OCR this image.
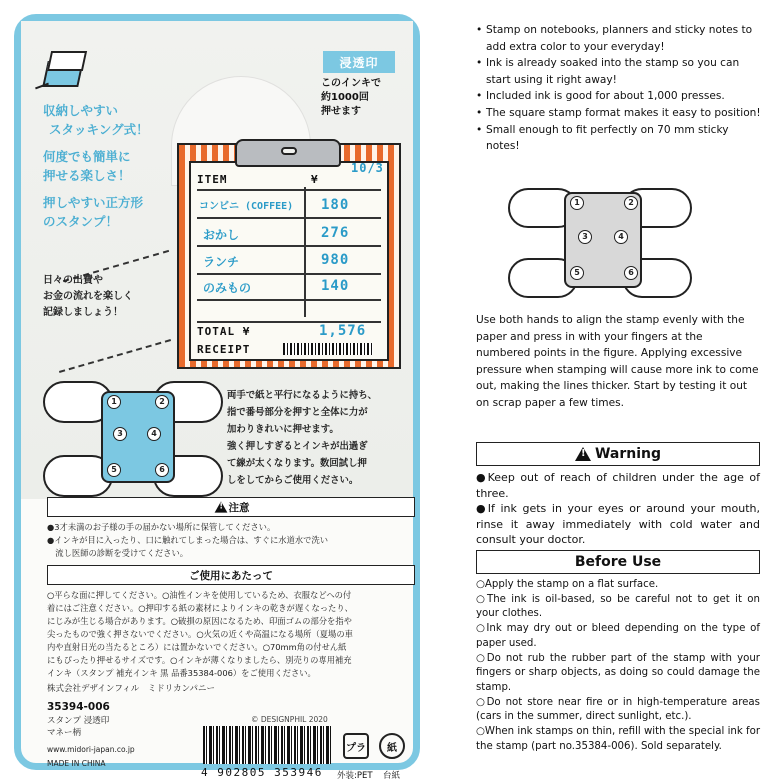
浸透印
このインキで
約1000回
押せます
収納しやすい
スタッキング式！
何度でも簡単に
押せる楽しさ！
押しやすい正方形
のスタンプ！
日々の出費や
お金の流れを楽しく
記録しましょう！
ITEM	¥
10/3
コンビニ (COFFEE) 180
おかし	276
ランチ	980
のみもの	140
TOTAL ¥	1,576
RECEIPT
1	2
3	4
5	6
両手で紙と平行になるように持ち、
指で番号部分を押すと全体に力が
加わりきれいに押せます。
強く押しすぎるとインキが出過ぎ
て線が太くなります。数回試し押
しをしてからご使用ください。
!
注意
●3才未満のお子様の手の届かない場所に保管してください。
●インキが目に入ったり、口に触れてしまった場合は、すぐに水道水で洗い
　流し医師の診断を受けてください。
ご使用にあたって
○平らな面に押してください。○油性インキを使用しているため、衣服などへの付
着にはご注意ください。○押印する紙の素材によりインキの乾きが遅くなったり、
にじみが生じる場合があります。○破損の原因になるため、印面ゴムの部分を指や
尖ったもので強く押さないでください。○火気の近くや高温になる場所（夏場の車
内や直射日光の当たるところ）には置かないでください。○70mm角の付せん紙
にもぴったり押せるサイズです。○インキが薄くなりましたら、別売りの専用補充
インキ（スタンプ 補充インキ 黒 品番35384-006）をご使用ください。
株式会社デザインフィル　ミドリカンパニー
35394-006
スタンプ 浸透印
マネー柄
www.midori-japan.co.jp
MADE IN CHINA
© DESIGNPHIL 2020
4 902805 353946
プラ 紙
外装:PET 台紙
• Stamp on notebooks, planners and sticky notes to add extra color to your everyday!
• Ink is already soaked into the stamp so you can start using it right away!
• Included ink is good for about 1,000 presses.
• The square stamp format makes it easy to position!
• Small enough to fit perfectly on 70 mm sticky notes!
1	2
3	4
5	6
Use both hands to align the stamp evenly with the paper and press in with your fingers at the numbered points in the figure. Applying excessive pressure when stamping will cause more ink to come out, making the lines thicker. Start by testing it out on scrap paper a few times.
!
Warning
●Keep out of reach of children under the age of three.
●If ink gets in your eyes or around your mouth, rinse it away immediately with cold water and consult your doctor.
Before Use
○Apply the stamp on a flat surface.
○The ink is oil-based, so be careful not to get it on your clothes.
○Ink may dry out or bleed depending on the type of paper used.
○Do not rub the rubber part of the stamp with your fingers or sharp objects, as doing so could damage the stamp.
○Do not store near fire or in high-temperature areas (cars in the summer, direct sunlight, etc.).
○When ink stamps on thin, refill with the special ink for the stamp (part no.35384-006). Sold separately.
